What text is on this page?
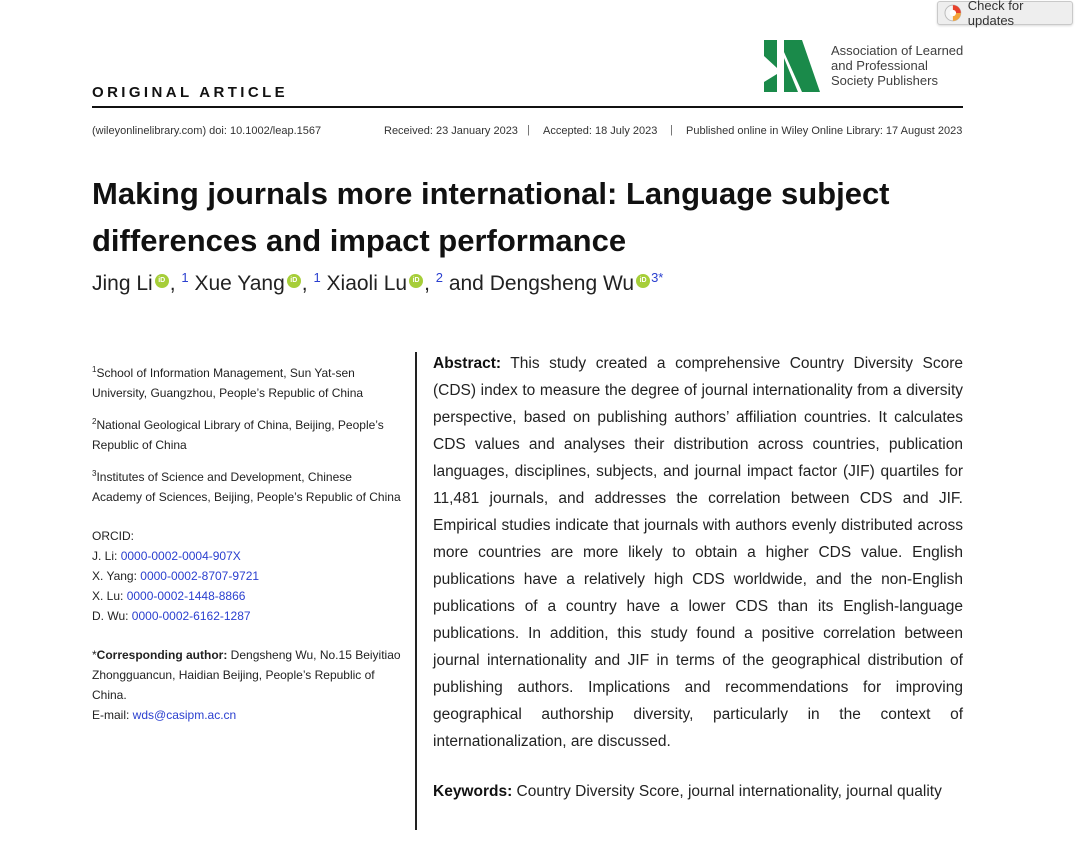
Check for updates
ORIGINAL ARTICLE
Association of Learned
and Professional
Society Publishers
(wileyonlinelibrary.com) doi: 10.1002/leap.1567	Received: 23 January 2023 | Accepted: 18 July 2023 | Published online in Wiley Online Library: 17 August 2023
Making journals more international: Language subject differences and impact performance
Jing Li iD , $^1$ Xue Yang iD , $^1$ Xiaoli Lu iD , $^2$ and Dengsheng Wu iD $^{3*}$
$^1$School of Information Management, Sun Yat-sen University, Guangzhou, People’s Republic of China
$^2$National Geological Library of China, Beijing, People’s Republic of China
$^3$Institutes of Science and Development, Chinese Academy of Sciences, Beijing, People’s Republic of China
ORCID:
J. Li: 0000-0002-0004-907X
X. Yang: 0000-0002-8707-9721
X. Lu: 0000-0002-1448-8866
D. Wu: 0000-0002-6162-1287
*Corresponding author: Dengsheng Wu, No.15 Beiyitiao Zhongguancun, Haidian Beijing, People’s Republic of China.
E-mail: wds@casipm.ac.cn
Abstract: This study created a comprehensive Country Diversity Score (CDS) index to measure the degree of journal internationality from a diversity perspective, based on publishing authors’ affiliation countries. It calculates CDS values and analyses their distribution across countries, publication languages, disciplines, subjects, and journal impact factor (JIF) quartiles for 11,481 journals, and addresses the correlation between CDS and JIF. Empirical studies indicate that journals with authors evenly distributed across more countries are more likely to obtain a higher CDS value. English publications have a relatively high CDS worldwide, and the non-English publications of a country have a lower CDS than its English-language publications. In addition, this study found a positive correlation between journal internationality and JIF in terms of the geographical distribution of publishing authors. Implications and recommendations for improving geographical authorship diversity, particularly in the context of internationalization, are discussed.
Keywords: Country Diversity Score, journal internationality, journal quality
